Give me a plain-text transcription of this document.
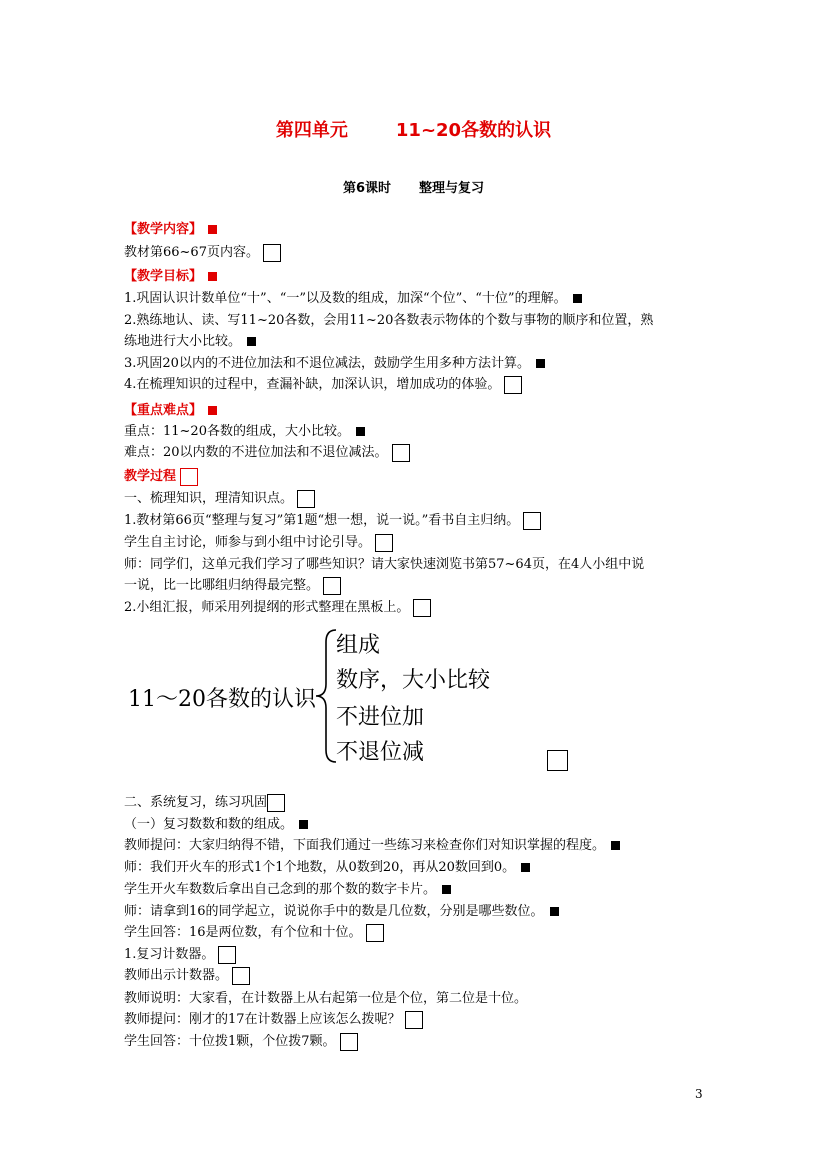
第四单元	11~20各数的认识
第6课时 整理与复习
【教学内容】
教材第66~67页内容。
【教学目标】
1.巩固认识计数单位“十”、“一”以及数的组成，加深“个位”、“十位”的理解。
2.熟练地认、读、写11~20各数，会用11~20各数表示物体的个数与事物的顺序和位置，熟
练地进行大小比较。
3.巩固20以内的不进位加法和不退位减法，鼓励学生用多种方法计算。
4.在梳理知识的过程中，查漏补缺，加深认识，增加成功的体验。
【重点难点】
重点：11~20各数的组成，大小比较。
难点：20以内数的不进位加法和不退位减法。
教学过程
一、梳理知识，理清知识点。
1.教材第66页“整理与复习”第1题“想一想，说一说。”看书自主归纳。
学生自主讨论，师参与到小组中讨论引导。
师：同学们，这单元我们学习了哪些知识？请大家快速浏览书第57~64页，在4人小组中说
一说，比一比哪组归纳得最完整。
2.小组汇报，师采用列提纲的形式整理在黑板上。
11～20各数的认识
组成
数序，大小比较
不进位加
不退位减
二、系统复习，练习巩固
（一）复习数数和数的组成。
教师提问：大家归纳得不错，下面我们通过一些练习来检查你们对知识掌握的程度。
师：我们开火车的形式1个1个地数，从0数到20，再从20数回到0。
学生开火车数数后拿出自己念到的那个数的数字卡片。
师：请拿到16的同学起立，说说你手中的数是几位数，分别是哪些数位。
学生回答：16是两位数，有个位和十位。
1.复习计数器。
教师出示计数器。
教师说明：大家看，在计数器上从右起第一位是个位，第二位是十位。
教师提问：刚才的17在计数器上应该怎么拨呢？
学生回答：十位拨1颗，个位拨7颗。
3
